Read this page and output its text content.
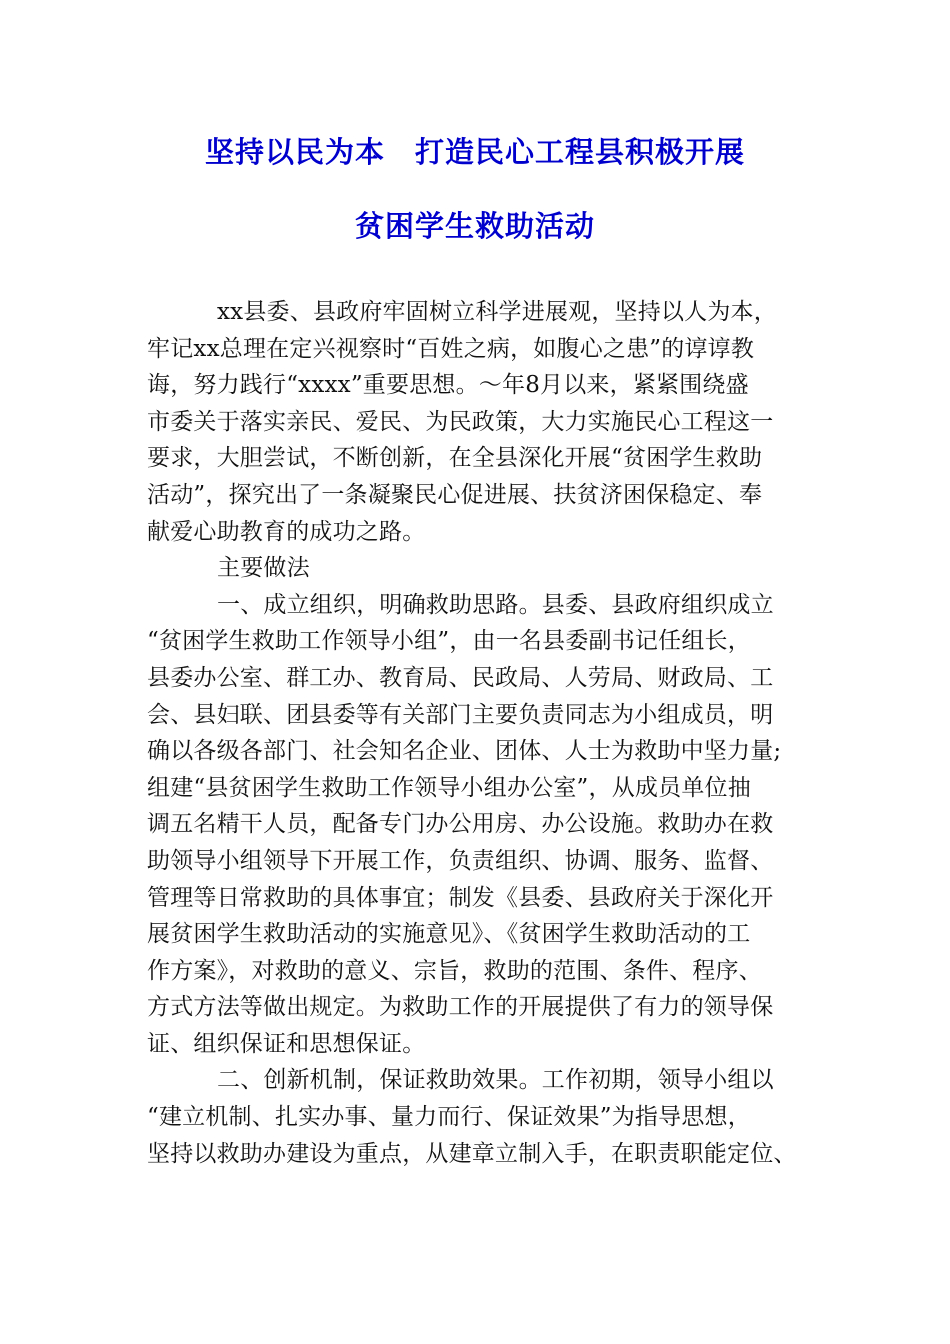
坚持以民为本　打造民心工程县积极开展
贫困学生救助活动
xx县委、县政府牢固树立科学进展观，坚持以人为本，
牢记xx总理在定兴视察时“百姓之病，如腹心之患”的谆谆教
诲，努力践行“xxxx”重要思想。～年8月以来，紧紧围绕盛
市委关于落实亲民、爱民、为民政策，大力实施民心工程这一
要求，大胆尝试，不断创新，在全县深化开展“贫困学生救助
活动”，探究出了一条凝聚民心促进展、扶贫济困保稳定、奉
献爱心助教育的成功之路。
主要做法
一、成立组织，明确救助思路。县委、县政府组织成立
“贫困学生救助工作领导小组”，由一名县委副书记任组长，
县委办公室、群工办、教育局、民政局、人劳局、财政局、工
会、县妇联、团县委等有关部门主要负责同志为小组成员，明
确以各级各部门、社会知名企业、团体、人士为救助中坚力量;
组建“县贫困学生救助工作领导小组办公室”，从成员单位抽
调五名精干人员，配备专门办公用房、办公设施。救助办在救
助领导小组领导下开展工作，负责组织、协调、服务、监督、
管理等日常救助的具体事宜；制发《县委、县政府关于深化开
展贫困学生救助活动的实施意见》、《贫困学生救助活动的工
作方案》，对救助的意义、宗旨，救助的范围、条件、程序、
方式方法等做出规定。为救助工作的开展提供了有力的领导保
证、组织保证和思想保证。
二、创新机制，保证救助效果。工作初期，领导小组以
“建立机制、扎实办事、量力而行、保证效果”为指导思想，
坚持以救助办建设为重点，从建章立制入手，在职责职能定位、
